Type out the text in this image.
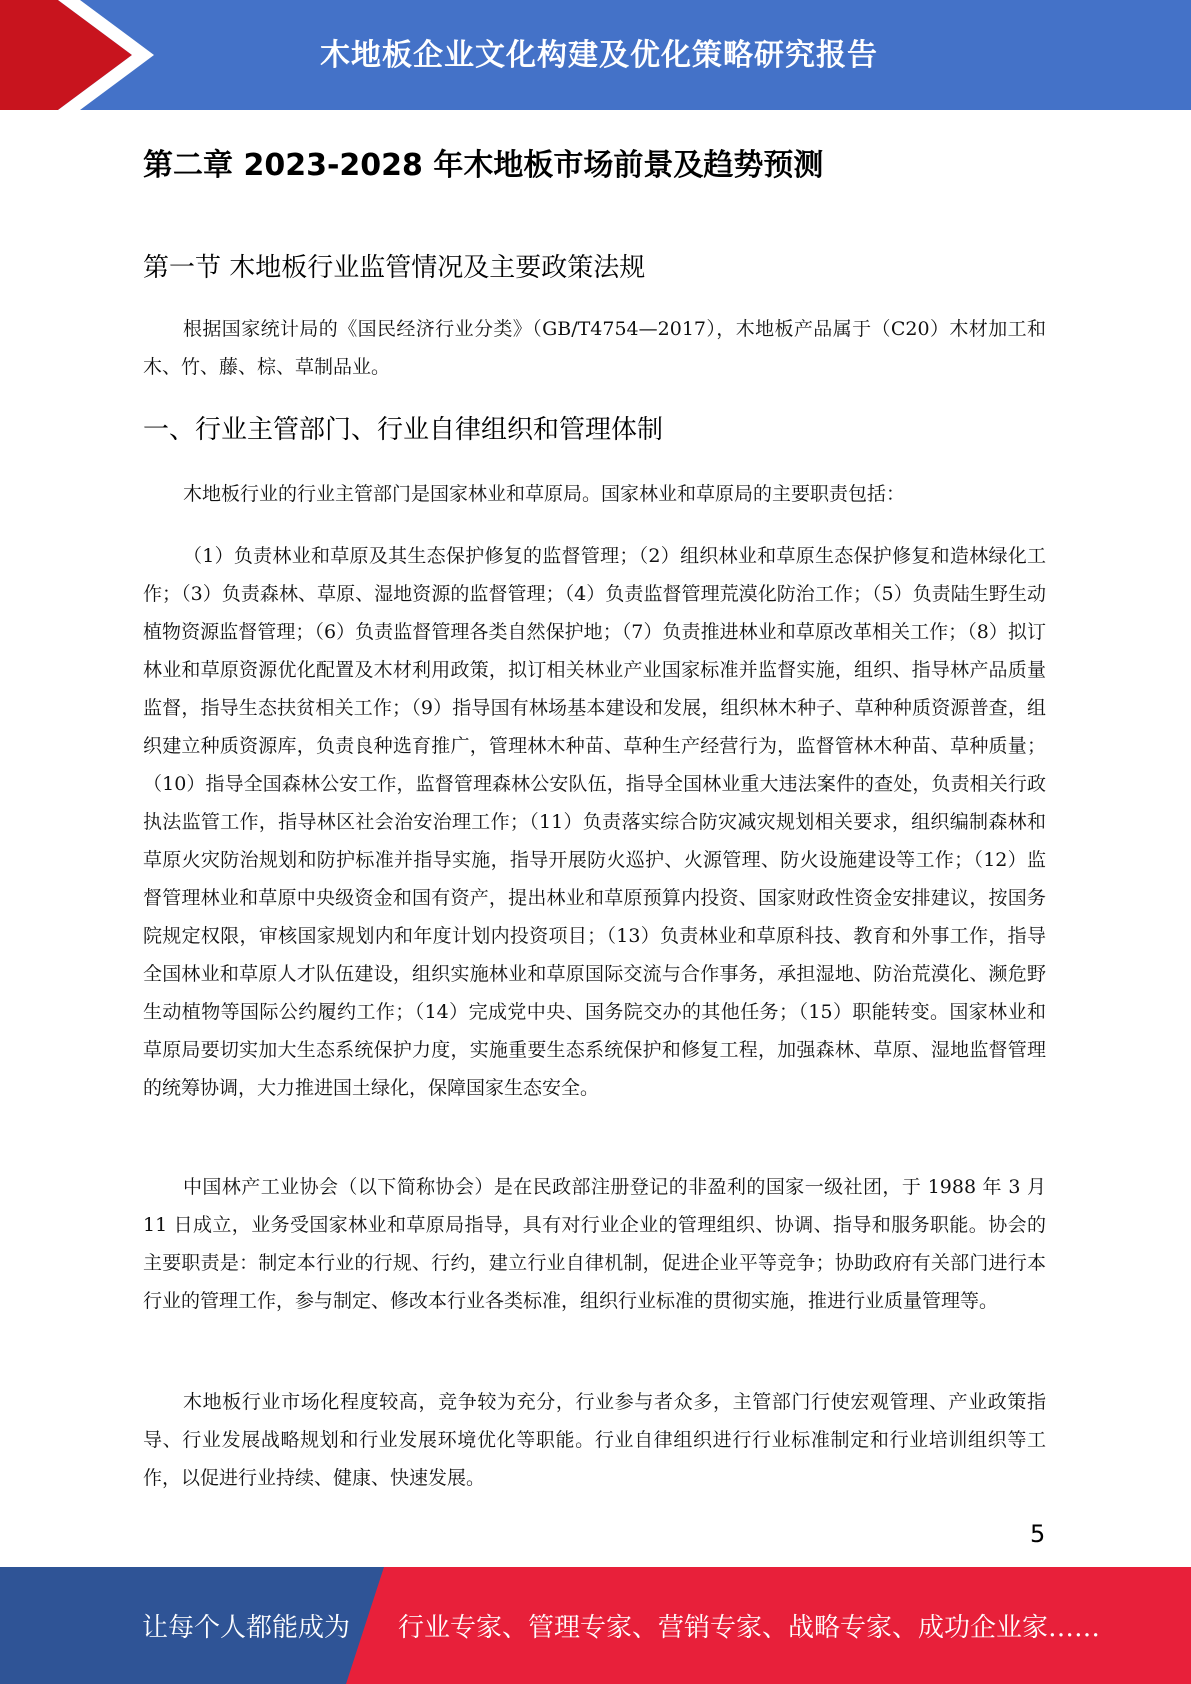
木地板企业文化构建及优化策略研究报告
第二章 2023-2028 年木地板市场前景及趋势预测
第一节 木地板行业监管情况及主要政策法规

根据国家统计局的《国民经济行业分类》（GB/T4754—2017），木地板产品属于（C20）木材加工和木、竹、藤、棕、草制品业。

一、行业主管部门、行业自律组织和管理体制

木地板行业的行业主管部门是国家林业和草原局。国家林业和草原局的主要职责包括：

（1）负责林业和草原及其生态保护修复的监督管理；（2）组织林业和草原生态保护修复和造林绿化工作；（3）负责森林、草原、湿地资源的监督管理；（4）负责监督管理荒漠化防治工作；（5）负责陆生野生动植物资源监督管理；（6）负责监督管理各类自然保护地；（7）负责推进林业和草原改革相关工作；（8）拟订林业和草原资源优化配置及木材利用政策，拟订相关林业产业国家标准并监督实施，组织、指导林产品质量监督，指导生态扶贫相关工作；（9）指导国有林场基本建设和发展，组织林木种子、草种种质资源普查，组织建立种质资源库，负责良种选育推广，管理林木种苗、草种生产经营行为，监督管林木种苗、草种质量；（10）指导全国森林公安工作，监督管理森林公安队伍，指导全国林业重大违法案件的查处，负责相关行政执法监管工作，指导林区社会治安治理工作；（11）负责落实综合防灾减灾规划相关要求，组织编制森林和草原火灾防治规划和防护标准并指导实施，指导开展防火巡护、火源管理、防火设施建设等工作；（12）监督管理林业和草原中央级资金和国有资产，提出林业和草原预算内投资、国家财政性资金安排建议，按国务院规定权限，审核国家规划内和年度计划内投资项目；（13）负责林业和草原科技、教育和外事工作，指导全国林业和草原人才队伍建设，组织实施林业和草原国际交流与合作事务，承担湿地、防治荒漠化、濒危野生动植物等国际公约履约工作；（14）完成党中央、国务院交办的其他任务；（15）职能转变。国家林业和草原局要切实加大生态系统保护力度，实施重要生态系统保护和修复工程，加强森林、草原、湿地监督管理的统筹协调，大力推进国土绿化，保障国家生态安全。

中国林产工业协会（以下简称协会）是在民政部注册登记的非盈利的国家一级社团，于 1988 年 3 月 11 日成立，业务受国家林业和草原局指导，具有对行业企业的管理组织、协调、指导和服务职能。协会的主要职责是：制定本行业的行规、行约，建立行业自律机制，促进企业平等竞争；协助政府有关部门进行本行业的管理工作，参与制定、修改本行业各类标准，组织行业标准的贯彻实施，推进行业质量管理等。

木地板行业市场化程度较高，竞争较为充分，行业参与者众多，主管部门行使宏观管理、产业政策指导、行业发展战略规划和行业发展环境优化等职能。行业自律组织进行行业标准制定和行业培训组织等工作，以促进行业持续、健康、快速发展。

5
让每个人都能成为 行业专家、管理专家、营销专家、战略专家、成功企业家……
